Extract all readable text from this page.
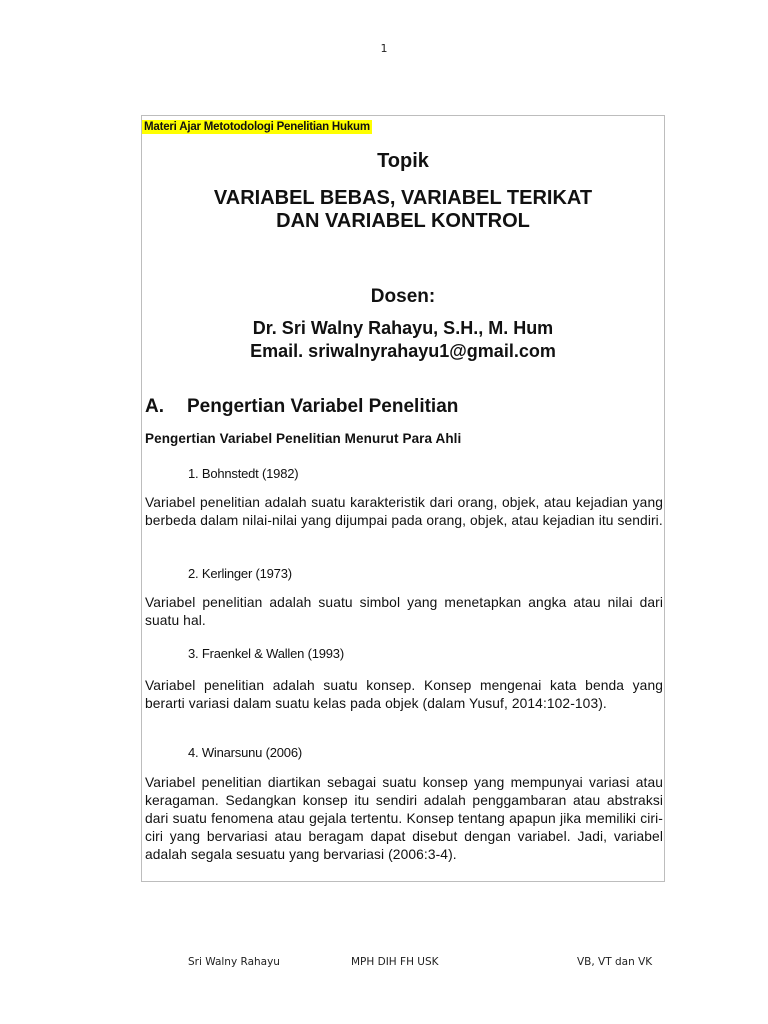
1
Materi Ajar Metotodologi Penelitian Hukum
Topik
VARIABEL BEBAS, VARIABEL TERIKAT
DAN VARIABEL KONTROL
Dosen:
Dr. Sri Walny Rahayu, S.H., M. Hum
Email. sriwalnyrahayu1@gmail.com
A. Pengertian Variabel Penelitian
Pengertian Variabel Penelitian Menurut Para Ahli
1. Bohnstedt (1982)
Variabel penelitian adalah suatu karakteristik dari orang, objek, atau kejadian yang berbeda dalam nilai-nilai yang dijumpai pada orang, objek, atau kejadian itu sendiri.
2. Kerlinger (1973)
Variabel penelitian adalah suatu simbol yang menetapkan angka atau nilai dari suatu hal.
3. Fraenkel & Wallen (1993)
Variabel penelitian adalah suatu konsep. Konsep mengenai kata benda yang berarti variasi dalam suatu kelas pada objek (dalam Yusuf, 2014:102-103).
4. Winarsunu (2006)
Variabel penelitian diartikan sebagai suatu konsep yang mempunyai variasi atau keragaman. Sedangkan konsep itu sendiri adalah penggambaran atau abstraksi dari suatu fenomena atau gejala tertentu. Konsep tentang apapun jika memiliki ciri-ciri yang bervariasi atau beragam dapat disebut dengan variabel. Jadi, variabel adalah segala sesuatu yang bervariasi (2006:3-4).
Sri Walny Rahayu	MPH DIH FH USK	VB, VT dan VK
